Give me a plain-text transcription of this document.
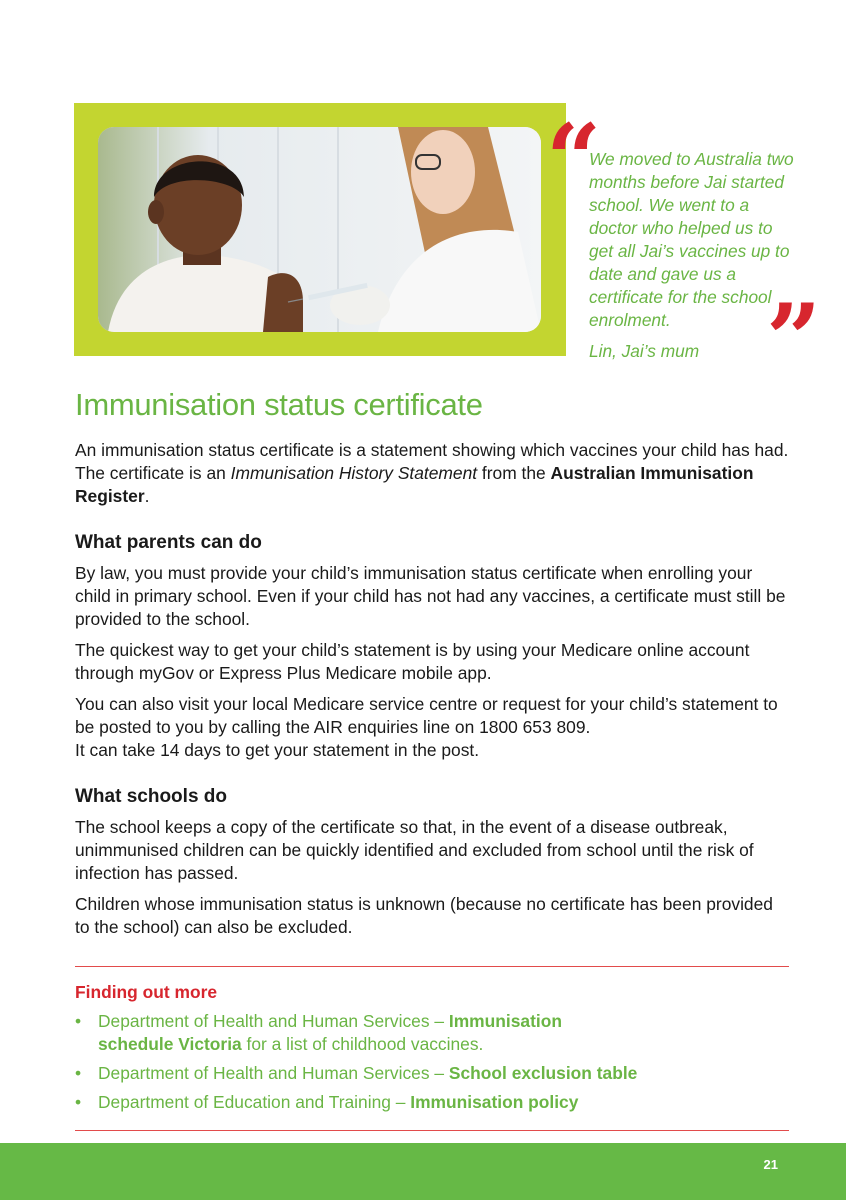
“

We moved to Australia two months before Jai started school. We went to a doctor who helped us to get all Jai’s vaccines up to date and gave us a certificate for the school enrolment. ”
Lin, Jai’s mum
Immunisation status certificate

An immunisation status certificate is a statement showing which vaccines your child has had. The certificate is an Immunisation History Statement from the Australian Immunisation Register.

What parents can do

By law, you must provide your child’s immunisation status certificate when enrolling your child in primary school. Even if your child has not had any vaccines, a certificate must still be provided to the school.

The quickest way to get your child’s statement is by using your Medicare online account through myGov or Express Plus Medicare mobile app.

You can also visit your local Medicare service centre or request for your child’s statement to be posted to you by calling the AIR enquiries line on 1800 653 809.
It can take 14 days to get your statement in the post.

What schools do

The school keeps a copy of the certificate so that, in the event of a disease outbreak, unimmunised children can be quickly identified and excluded from school until the risk of infection has passed.

Children whose immunisation status is unknown (because no certificate has been provided to the school) can also be excluded.

Finding out more
• Department of Health and Human Services – Immunisation
schedule Victoria for a list of childhood vaccines.
• Department of Health and Human Services – School exclusion table
• Department of Education and Training – Immunisation policy
21
